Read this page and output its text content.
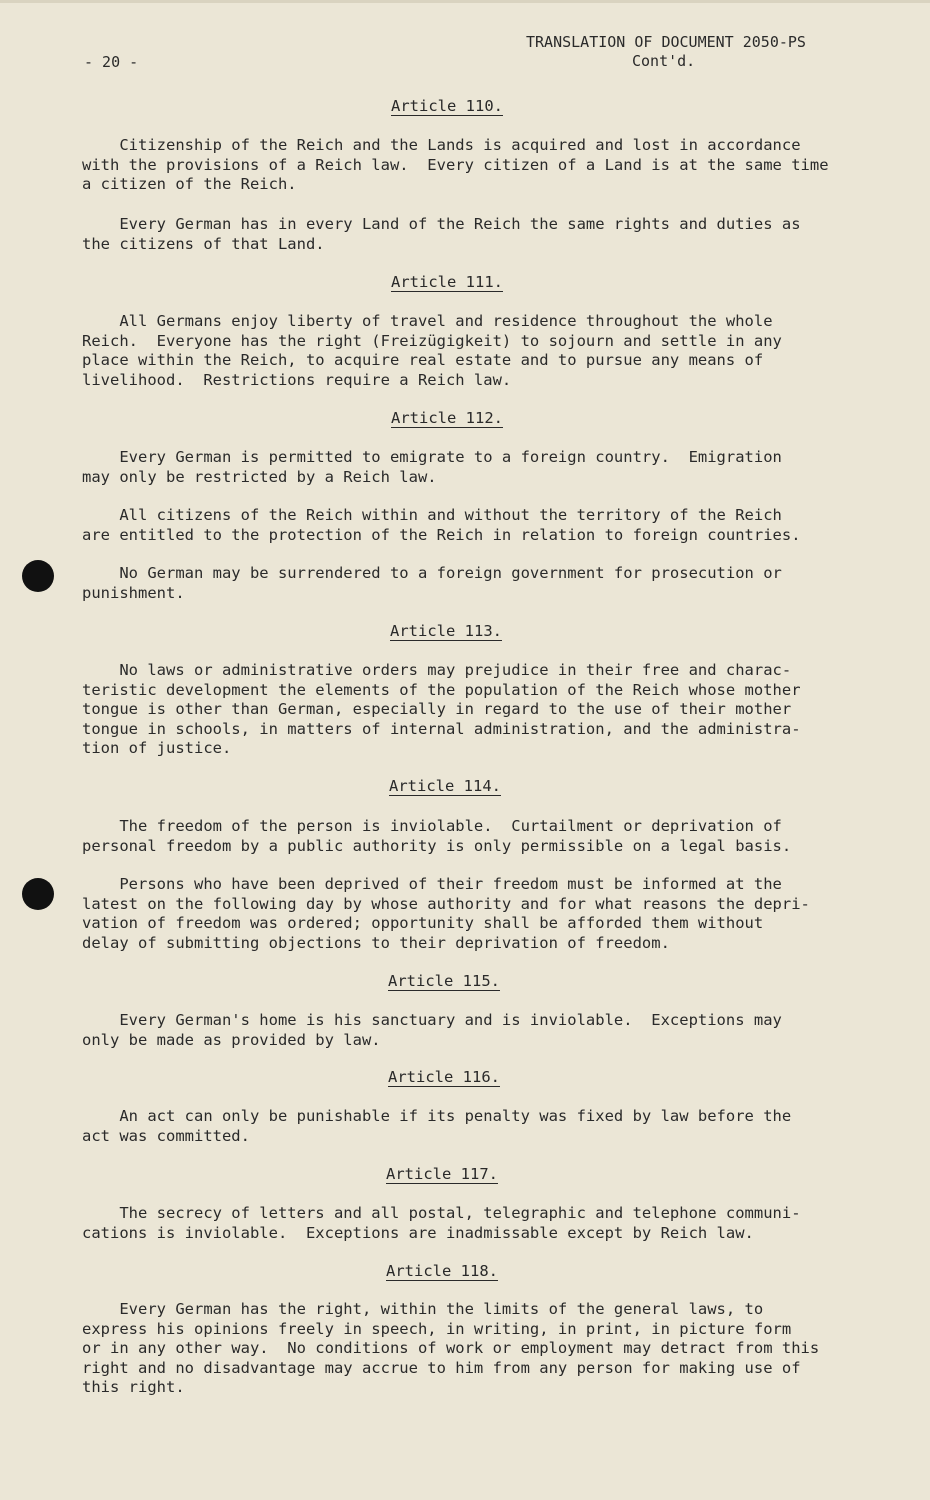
- 20 -
TRANSLATION OF DOCUMENT 2050-PS
Cont'd.
Article 110.
Citizenship of the Reich and the Lands is acquired and lost in accordance
with the provisions of a Reich law.  Every citizen of a Land is at the same time
a citizen of the Reich.
Every German has in every Land of the Reich the same rights and duties as
the citizens of that Land.
Article 111.
All Germans enjoy liberty of travel and residence throughout the whole
Reich.  Everyone has the right (Freizügigkeit) to sojourn and settle in any
place within the Reich, to acquire real estate and to pursue any means of
livelihood.  Restrictions require a Reich law.
Article 112.
Every German is permitted to emigrate to a foreign country.  Emigration
may only be restricted by a Reich law.
All citizens of the Reich within and without the territory of the Reich
are entitled to the protection of the Reich in relation to foreign countries.
No German may be surrendered to a foreign government for prosecution or
punishment.
Article 113.
No laws or administrative orders may prejudice in their free and charac-
teristic development the elements of the population of the Reich whose mother
tongue is other than German, especially in regard to the use of their mother
tongue in schools, in matters of internal administration, and the administra-
tion of justice.
Article 114.
The freedom of the person is inviolable.  Curtailment or deprivation of
personal freedom by a public authority is only permissible on a legal basis.
Persons who have been deprived of their freedom must be informed at the
latest on the following day by whose authority and for what reasons the depri-
vation of freedom was ordered; opportunity shall be afforded them without
delay of submitting objections to their deprivation of freedom.
Article 115.
Every German's home is his sanctuary and is inviolable.  Exceptions may
only be made as provided by law.
Article 116.
An act can only be punishable if its penalty was fixed by law before the
act was committed.
Article 117.
The secrecy of letters and all postal, telegraphic and telephone communi-
cations is inviolable.  Exceptions are inadmissable except by Reich law.
Article 118.
Every German has the right, within the limits of the general laws, to
express his opinions freely in speech, in writing, in print, in picture form
or in any other way.  No conditions of work or employment may detract from this
right and no disadvantage may accrue to him from any person for making use of
this right.
